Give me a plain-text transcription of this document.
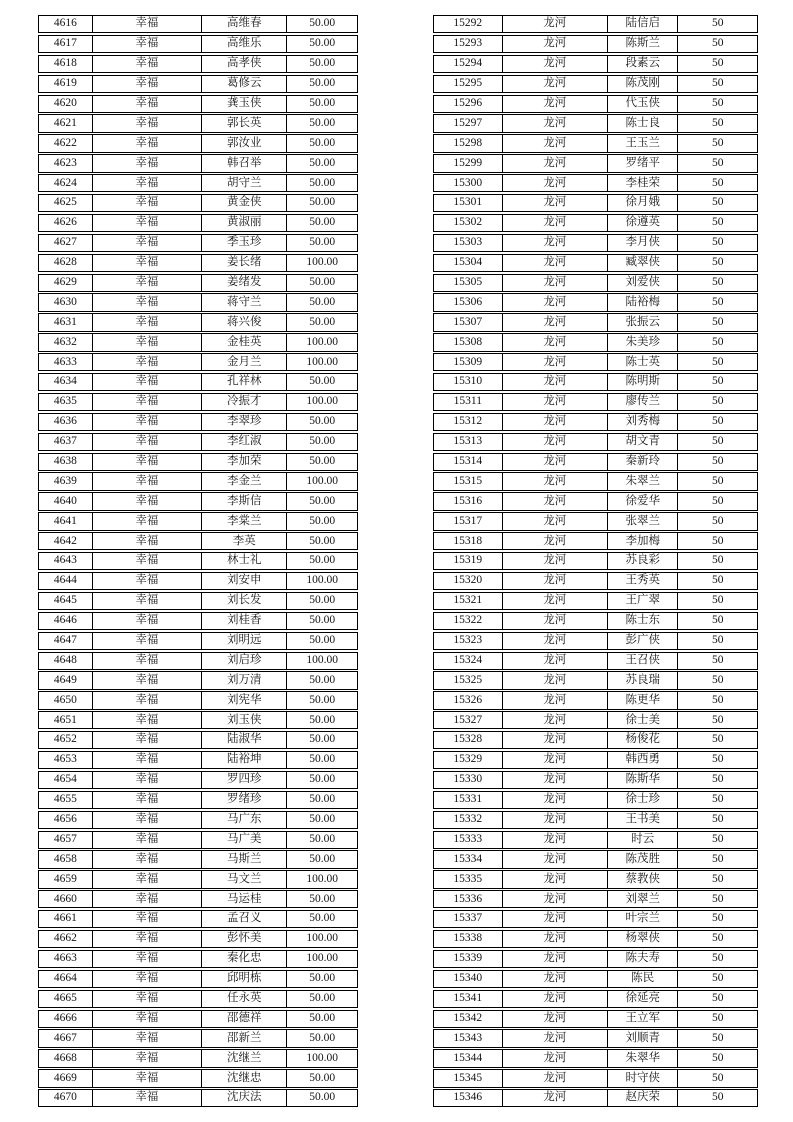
4616	幸福	高维春	50.00
4617	幸福	高维乐	50.00
4618	幸福	高孝侠	50.00
4619	幸福	葛修云	50.00
4620	幸福	龚玉侠	50.00
4621	幸福	郭长英	50.00
4622	幸福	郭汝业	50.00
4623	幸福	韩召举	50.00
4624	幸福	胡守兰	50.00
4625	幸福	黄金侠	50.00
4626	幸福	黄淑丽	50.00
4627	幸福	季玉珍	50.00
4628	幸福	姜长绪	100.00
4629	幸福	姜绪发	50.00
4630	幸福	蒋守兰	50.00
4631	幸福	蒋兴俊	50.00
4632	幸福	金桂英	100.00
4633	幸福	金月兰	100.00
4634	幸福	孔祥林	50.00
4635	幸福	冷振才	100.00
4636	幸福	李翠珍	50.00
4637	幸福	李红淑	50.00
4638	幸福	李加荣	50.00
4639	幸福	李金兰	100.00
4640	幸福	李斯信	50.00
4641	幸福	李棠兰	50.00
4642	幸福	李英	50.00
4643	幸福	林士礼	50.00
4644	幸福	刘安申	100.00
4645	幸福	刘长发	50.00
4646	幸福	刘桂香	50.00
4647	幸福	刘明远	50.00
4648	幸福	刘启珍	100.00
4649	幸福	刘万清	50.00
4650	幸福	刘宪华	50.00
4651	幸福	刘玉侠	50.00
4652	幸福	陆淑华	50.00
4653	幸福	陆裕坤	50.00
4654	幸福	罗四珍	50.00
4655	幸福	罗绪珍	50.00
4656	幸福	马广东	50.00
4657	幸福	马广美	50.00
4658	幸福	马斯兰	50.00
4659	幸福	马文兰	100.00
4660	幸福	马运桂	50.00
4661	幸福	孟召义	50.00
4662	幸福	彭怀美	100.00
4663	幸福	秦化忠	100.00
4664	幸福	邱明栋	50.00
4665	幸福	任永英	50.00
4666	幸福	邵德祥	50.00
4667	幸福	邵新兰	50.00
4668	幸福	沈继兰	100.00
4669	幸福	沈继忠	50.00
4670	幸福	沈庆法	50.00
15292	龙河	陆信启	50
15293	龙河	陈斯兰	50
15294	龙河	段素云	50
15295	龙河	陈茂刚	50
15296	龙河	代玉侠	50
15297	龙河	陈士良	50
15298	龙河	王玉兰	50
15299	龙河	罗绪平	50
15300	龙河	李桂荣	50
15301	龙河	徐月娥	50
15302	龙河	徐遵英	50
15303	龙河	李月侠	50
15304	龙河	臧翠侠	50
15305	龙河	刘爱侠	50
15306	龙河	陆裕梅	50
15307	龙河	张振云	50
15308	龙河	朱美珍	50
15309	龙河	陈士英	50
15310	龙河	陈明斯	50
15311	龙河	廖传兰	50
15312	龙河	刘秀梅	50
15313	龙河	胡文青	50
15314	龙河	秦新玲	50
15315	龙河	朱翠兰	50
15316	龙河	徐爱华	50
15317	龙河	张翠兰	50
15318	龙河	李加梅	50
15319	龙河	苏良彩	50
15320	龙河	王秀英	50
15321	龙河	王广翠	50
15322	龙河	陈士东	50
15323	龙河	彭广侠	50
15324	龙河	王召侠	50
15325	龙河	苏良瑞	50
15326	龙河	陈更华	50
15327	龙河	徐士美	50
15328	龙河	杨俊花	50
15329	龙河	韩西勇	50
15330	龙河	陈斯华	50
15331	龙河	徐士珍	50
15332	龙河	王书美	50
15333	龙河	时云	50
15334	龙河	陈茂胜	50
15335	龙河	蔡教侠	50
15336	龙河	刘翠兰	50
15337	龙河	叶宗兰	50
15338	龙河	杨翠侠	50
15339	龙河	陈夫寿	50
15340	龙河	陈民	50
15341	龙河	徐延亮	50
15342	龙河	王立军	50
15343	龙河	刘顺青	50
15344	龙河	朱翠华	50
15345	龙河	时守侠	50
15346	龙河	赵庆荣	50
